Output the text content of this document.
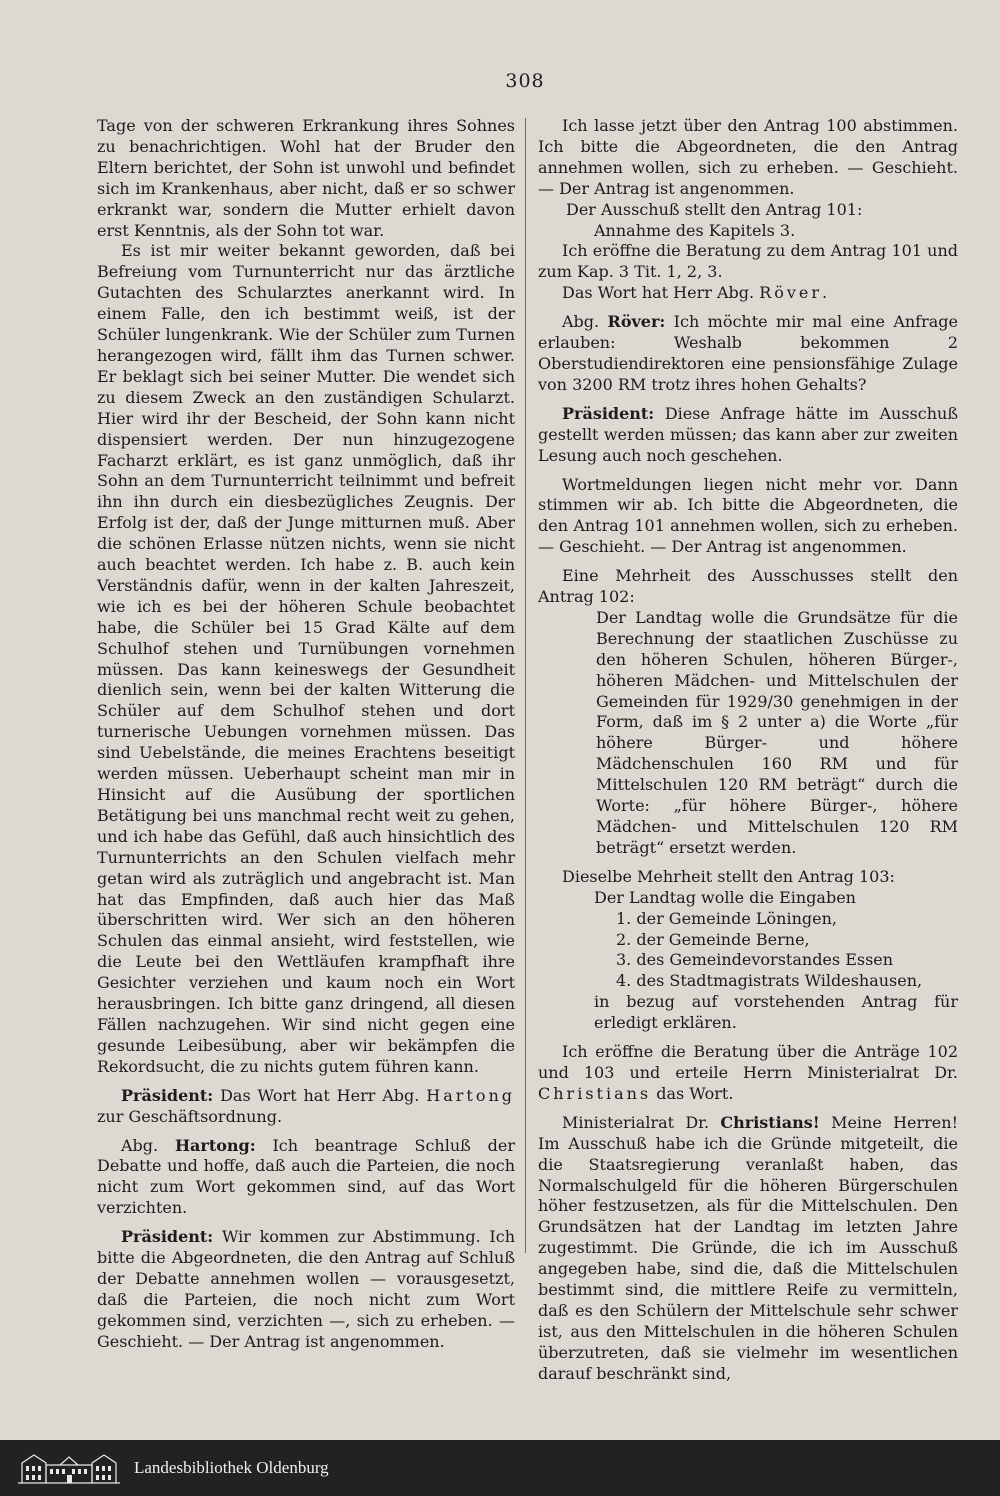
308

Tage von der schweren Erkrankung ihres Sohnes zu benachrichtigen. Wohl hat der Bruder den Eltern berichtet, der Sohn ist unwohl und befindet sich im Krankenhaus, aber nicht, daß er so schwer erkrankt war, sondern die Mutter erhielt davon erst Kenntnis, als der Sohn tot war.

Es ist mir weiter bekannt geworden, daß bei Befreiung vom Turnunterricht nur das ärztliche Gutachten des Schularztes anerkannt wird. In einem Falle, den ich bestimmt weiß, ist der Schüler lungenkrank. Wie der Schüler zum Turnen herangezogen wird, fällt ihm das Turnen schwer. Er beklagt sich bei seiner Mutter. Die wendet sich zu diesem Zweck an den zuständigen Schularzt. Hier wird ihr der Bescheid, der Sohn kann nicht dispensiert werden. Der nun hinzugezogene Facharzt erklärt, es ist ganz unmöglich, daß ihr Sohn an dem Turnunterricht teilnimmt und befreit ihn ihn durch ein diesbezügliches Zeugnis. Der Erfolg ist der, daß der Junge mitturnen muß. Aber die schönen Erlasse nützen nichts, wenn sie nicht auch beachtet werden. Ich habe z. B. auch kein Verständnis dafür, wenn in der kalten Jahreszeit, wie ich es bei der höheren Schule beobachtet habe, die Schüler bei 15 Grad Kälte auf dem Schulhof stehen und Turnübungen vornehmen müssen. Das kann keineswegs der Gesundheit dienlich sein, wenn bei der kalten Witterung die Schüler auf dem Schulhof stehen und dort turnerische Uebungen vornehmen müssen. Das sind Uebelstände, die meines Erachtens beseitigt werden müssen. Ueberhaupt scheint man mir in Hinsicht auf die Ausübung der sportlichen Betätigung bei uns manchmal recht weit zu gehen, und ich habe das Gefühl, daß auch hinsichtlich des Turnunterrichts an den Schulen vielfach mehr getan wird als zuträglich und angebracht ist. Man hat das Empfinden, daß auch hier das Maß überschritten wird. Wer sich an den höheren Schulen das einmal ansieht, wird feststellen, wie die Leute bei den Wettläufen krampfhaft ihre Gesichter verziehen und kaum noch ein Wort herausbringen. Ich bitte ganz dringend, all diesen Fällen nachzugehen. Wir sind nicht gegen eine gesunde Leibesübung, aber wir bekämpfen die Rekordsucht, die zu nichts gutem führen kann.

Präsident: Das Wort hat Herr Abg. Hartong zur Geschäftsordnung.

Abg. Hartong: Ich beantrage Schluß der Debatte und hoffe, daß auch die Parteien, die noch nicht zum Wort gekommen sind, auf das Wort verzichten.

Präsident: Wir kommen zur Abstimmung. Ich bitte die Abgeordneten, die den Antrag auf Schluß der Debatte annehmen wollen — vorausgesetzt, daß die Parteien, die noch nicht zum Wort gekommen sind, verzichten —, sich zu erheben. — Geschieht. — Der Antrag ist angenommen.

Ich lasse jetzt über den Antrag 100 abstimmen. Ich bitte die Abgeordneten, die den Antrag annehmen wollen, sich zu erheben. — Geschieht. — Der Antrag ist angenommen.

Der Ausschuß stellt den Antrag 101:

Annahme des Kapitels 3.

Ich eröffne die Beratung zu dem Antrag 101 und zum Kap. 3 Tit. 1, 2, 3.

Das Wort hat Herr Abg. Röver.

Abg. Röver: Ich möchte mir mal eine Anfrage erlauben: Weshalb bekommen 2 Oberstudiendirektoren eine pensionsfähige Zulage von 3200 RM trotz ihres hohen Gehalts?

Präsident: Diese Anfrage hätte im Ausschuß gestellt werden müssen; das kann aber zur zweiten Lesung auch noch geschehen.

Wortmeldungen liegen nicht mehr vor. Dann stimmen wir ab. Ich bitte die Abgeordneten, die den Antrag 101 annehmen wollen, sich zu erheben. — Geschieht. — Der Antrag ist angenommen.

Eine Mehrheit des Ausschusses stellt den Antrag 102:

Der Landtag wolle die Grundsätze für die Berechnung der staatlichen Zuschüsse zu den höheren Schulen, höheren Bürger-, höheren Mädchen- und Mittelschulen der Gemeinden für 1929/30 genehmigen in der Form, daß im § 2 unter a) die Worte „für höhere Bürger- und höhere Mädchenschulen 160 RM und für Mittelschulen 120 RM beträgt“ durch die Worte: „für höhere Bürger-, höhere Mädchen- und Mittelschulen 120 RM beträgt“ ersetzt werden.

Dieselbe Mehrheit stellt den Antrag 103:

Der Landtag wolle die Eingaben

1. der Gemeinde Löningen,
2. der Gemeinde Berne,
3. des Gemeindevorstandes Essen
4. des Stadtmagistrats Wildeshausen,

in bezug auf vorstehenden Antrag für erledigt erklären.

Ich eröffne die Beratung über die Anträge 102 und 103 und erteile Herrn Ministerialrat Dr. Christians das Wort.

Ministerialrat Dr. Christians! Meine Herren! Im Ausschuß habe ich die Gründe mitgeteilt, die die Staatsregierung veranlaßt haben, das Normalschulgeld für die höheren Bürgerschulen höher festzusetzen, als für die Mittelschulen. Den Grundsätzen hat der Landtag im letzten Jahre zugestimmt. Die Gründe, die ich im Ausschuß angegeben habe, sind die, daß die Mittelschulen bestimmt sind, die mittlere Reife zu vermitteln, daß es den Schülern der Mittelschule sehr schwer ist, aus den Mittelschulen in die höheren Schulen überzutreten, daß sie vielmehr im wesentlichen darauf beschränkt sind,

Landesbibliothek Oldenburg
